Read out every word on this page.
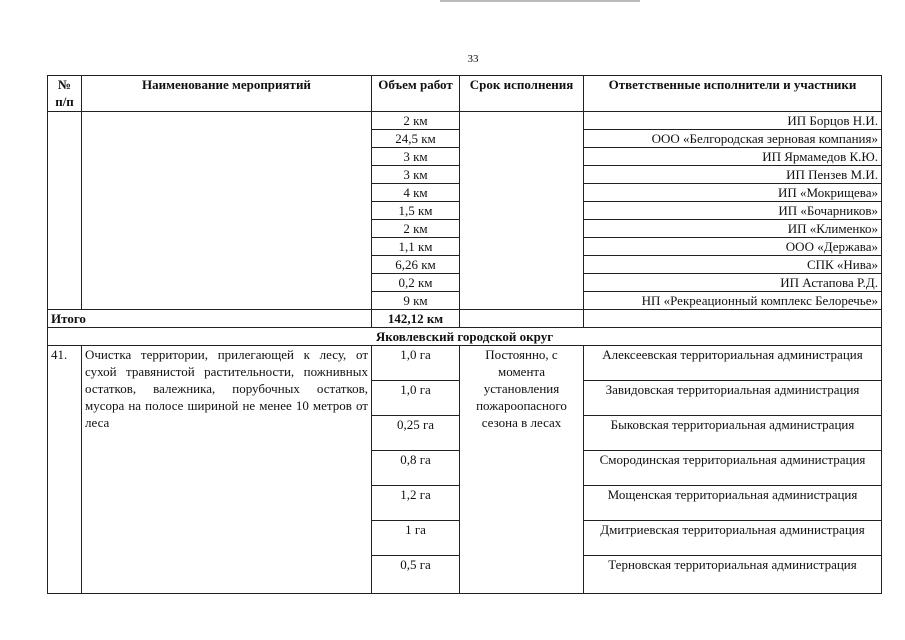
33
№ п/п	Наименование мероприятий	Объем работ	Срок исполнения	Ответственные исполнители и участники
		2 км		ИП Борцов Н.И.
		24,5 км		ООО «Белгородская зерновая компания»
		3 км		ИП Ярмамедов К.Ю.
		3 км		ИП Пензев М.И.
		4 км		ИП «Мокрищева»
		1,5 км		ИП «Бочарников»
		2 км		ИП «Клименко»
		1,1 км		ООО «Держава»
		6,26 км		СПК «Нива»
		0,2 км		ИП Астапова Р.Д.
		9 км		НП «Рекреационный комплекс Белоречье»
Итого		142,12 км		
Яковлевский городской округ				
41.	Очистка территории, прилегающей к лесу, от сухой травянистой растительности, пожнивных остатков, валежника, порубочных остатков, мусора на полосе шириной не менее 10 метров от леса	1,0 га	Постоянно, с момента установления пожароопасного сезона в лесах	Алексеевская территориальная администрация
		1,0 га		Завидовская территориальная администрация
		0,25 га		Быковская территориальная администрация
		0,8 га		Смородинская территориальная администрация
		1,2 га		Мощенская территориальная администрация
		1 га		Дмитриевская территориальная администрация
		0,5 га		Терновская территориальная администрация
